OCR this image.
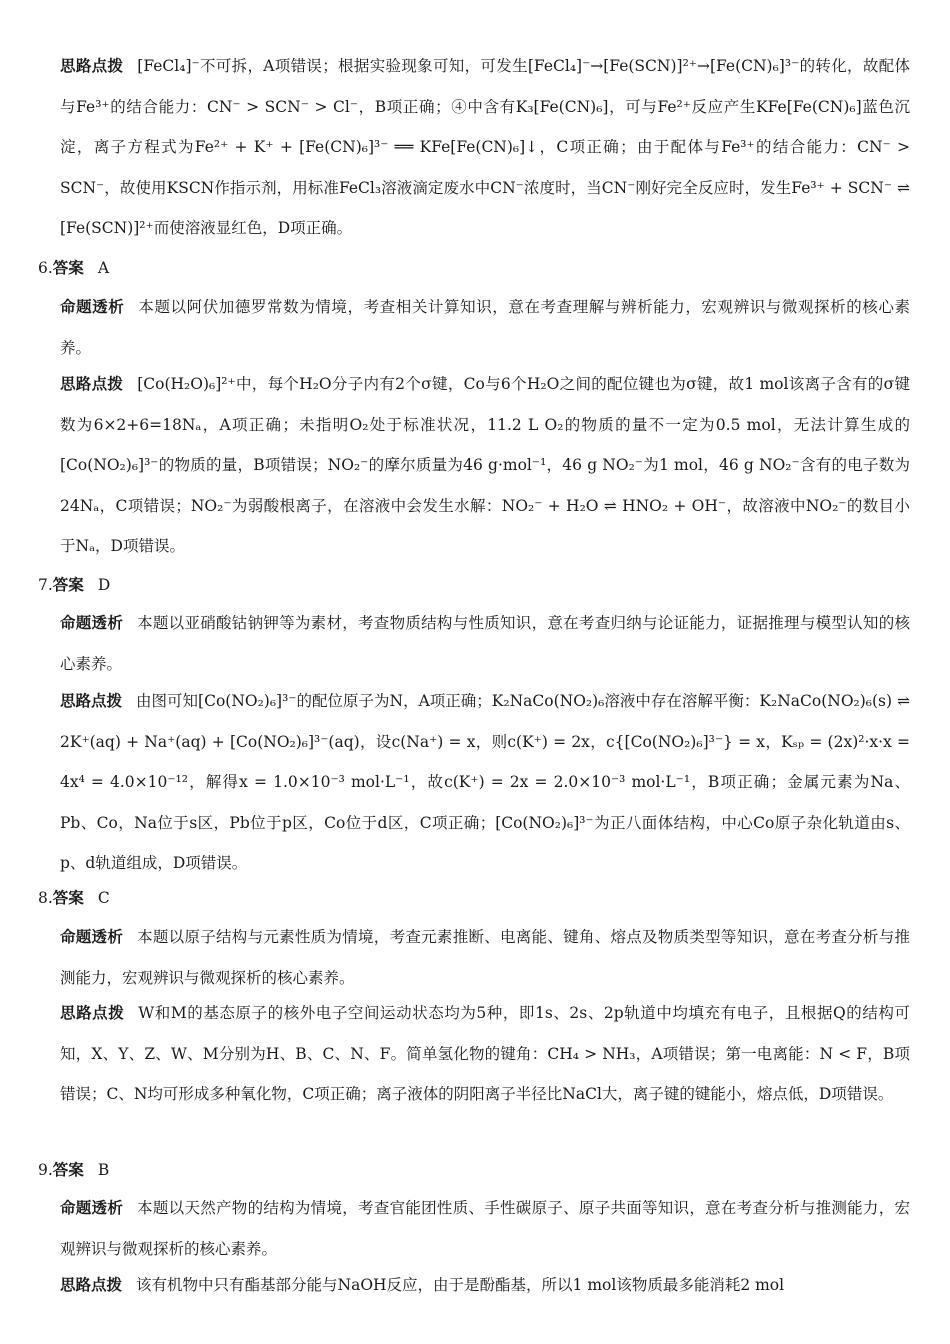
思路点拨 [FeCl₄]⁻不可拆，A项错误；根据实验现象可知，可发生[FeCl₄]⁻→[Fe(SCN)]²⁺→[Fe(CN)₆]³⁻的转化，故配体与Fe³⁺的结合能力：CN⁻ > SCN⁻ > Cl⁻，B项正确；④中含有K₃[Fe(CN)₆]，可与Fe²⁺反应产生KFe[Fe(CN)₆]蓝色沉淀，离子方程式为Fe²⁺ + K⁺ + [Fe(CN)₆]³⁻ ══ KFe[Fe(CN)₆]↓，C项正确；由于配体与Fe³⁺的结合能力：CN⁻ > SCN⁻，故使用KSCN作指示剂，用标准FeCl₃溶液滴定废水中CN⁻浓度时，当CN⁻刚好完全反应时，发生Fe³⁺ + SCN⁻ ⇌ [Fe(SCN)]²⁺而使溶液显红色，D项正确。
6.答案 A
命题透析 本题以阿伏加德罗常数为情境，考查相关计算知识，意在考查理解与辨析能力，宏观辨识与微观探析的核心素养。
思路点拨 [Co(H₂O)₆]²⁺中，每个H₂O分子内有2个σ键，Co与6个H₂O之间的配位键也为σ键，故1 mol该离子含有的σ键数为6×2+6=18Nₐ，A项正确；未指明O₂处于标准状况，11.2 L O₂的物质的量不一定为0.5 mol，无法计算生成的[Co(NO₂)₆]³⁻的物质的量，B项错误；NO₂⁻的摩尔质量为46 g·mol⁻¹，46 g NO₂⁻为1 mol，46 g NO₂⁻含有的电子数为24Nₐ，C项错误；NO₂⁻为弱酸根离子，在溶液中会发生水解：NO₂⁻ + H₂O ⇌ HNO₂ + OH⁻，故溶液中NO₂⁻的数目小于Nₐ，D项错误。
7.答案 D
命题透析 本题以亚硝酸钴钠钾等为素材，考查物质结构与性质知识，意在考查归纳与论证能力，证据推理与模型认知的核心素养。
思路点拨 由图可知[Co(NO₂)₆]³⁻的配位原子为N，A项正确；K₂NaCo(NO₂)₆溶液中存在溶解平衡：K₂NaCo(NO₂)₆(s) ⇌ 2K⁺(aq) + Na⁺(aq) + [Co(NO₂)₆]³⁻(aq)，设c(Na⁺) = x，则c(K⁺) = 2x，c{[Co(NO₂)₆]³⁻} = x，Kₛₚ = (2x)²·x·x = 4x⁴ = 4.0×10⁻¹²，解得x = 1.0×10⁻³ mol·L⁻¹，故c(K⁺) = 2x = 2.0×10⁻³ mol·L⁻¹，B项正确；金属元素为Na、Pb、Co，Na位于s区，Pb位于p区，Co位于d区，C项正确；[Co(NO₂)₆]³⁻为正八面体结构，中心Co原子杂化轨道由s、p、d轨道组成，D项错误。
8.答案 C
命题透析 本题以原子结构与元素性质为情境，考查元素推断、电离能、键角、熔点及物质类型等知识，意在考查分析与推测能力，宏观辨识与微观探析的核心素养。
思路点拨 W和M的基态原子的核外电子空间运动状态均为5种，即1s、2s、2p轨道中均填充有电子，且根据Q的结构可知，X、Y、Z、W、M分别为H、B、C、N、F。简单氢化物的键角：CH₄ > NH₃，A项错误；第一电离能：N < F，B项错误；C、N均可形成多种氧化物，C项正确；离子液体的阴阳离子半径比NaCl大，离子键的键能小，熔点低，D项错误。
9.答案 B
命题透析 本题以天然产物的结构为情境，考查官能团性质、手性碳原子、原子共面等知识，意在考查分析与推测能力，宏观辨识与微观探析的核心素养。
思路点拨 该有机物中只有酯基部分能与NaOH反应，由于是酚酯基，所以1 mol该物质最多能消耗2 mol
